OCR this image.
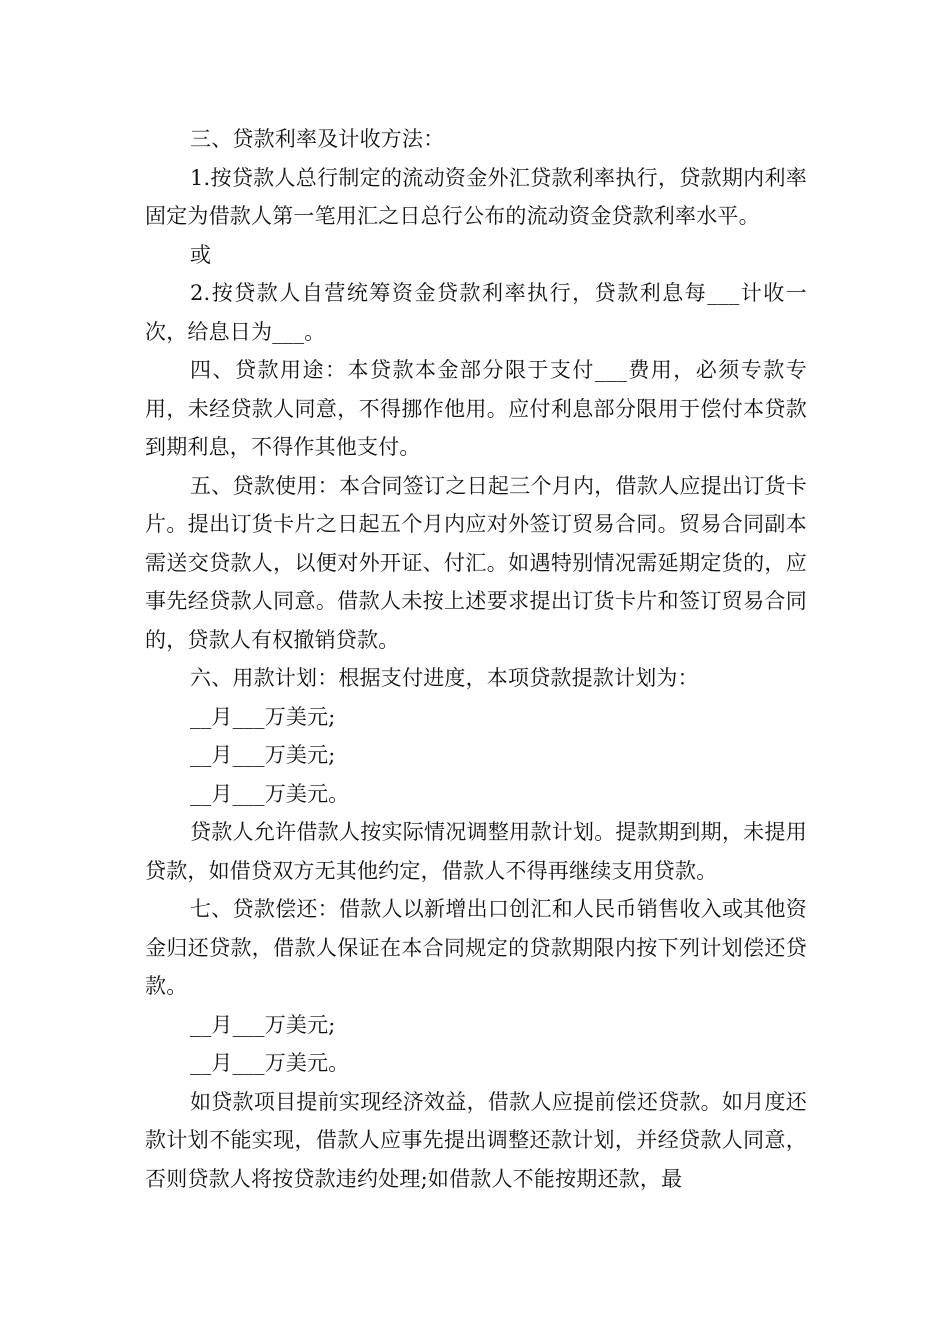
三、贷款利率及计收方法：

1.按贷款人总行制定的流动资金外汇贷款利率执行，贷款期内利率固定为借款人第一笔用汇之日总行公布的流动资金贷款利率水平。

或

2.按贷款人自营统筹资金贷款利率执行，贷款利息每___计收一次，给息日为___。

四、贷款用途：本贷款本金部分限于支付___费用，必须专款专用，未经贷款人同意，不得挪作他用。应付利息部分限用于偿付本贷款到期利息，不得作其他支付。

五、贷款使用：本合同签订之日起三个月内，借款人应提出订货卡片。提出订货卡片之日起五个月内应对外签订贸易合同。贸易合同副本需送交贷款人，以便对外开证、付汇。如遇特别情况需延期定货的，应事先经贷款人同意。借款人未按上述要求提出订货卡片和签订贸易合同的，贷款人有权撤销贷款。

六、用款计划：根据支付进度，本项贷款提款计划为：

__月___万美元;

__月___万美元;

__月___万美元。

贷款人允许借款人按实际情况调整用款计划。提款期到期，未提用贷款，如借贷双方无其他约定，借款人不得再继续支用贷款。

七、贷款偿还：借款人以新增出口创汇和人民币销售收入或其他资金归还贷款，借款人保证在本合同规定的贷款期限内按下列计划偿还贷款。

__月___万美元;

__月___万美元。

如贷款项目提前实现经济效益，借款人应提前偿还贷款。如月度还款计划不能实现，借款人应事先提出调整还款计划，并经贷款人同意，否则贷款人将按贷款违约处理;如借款人不能按期还款，最
